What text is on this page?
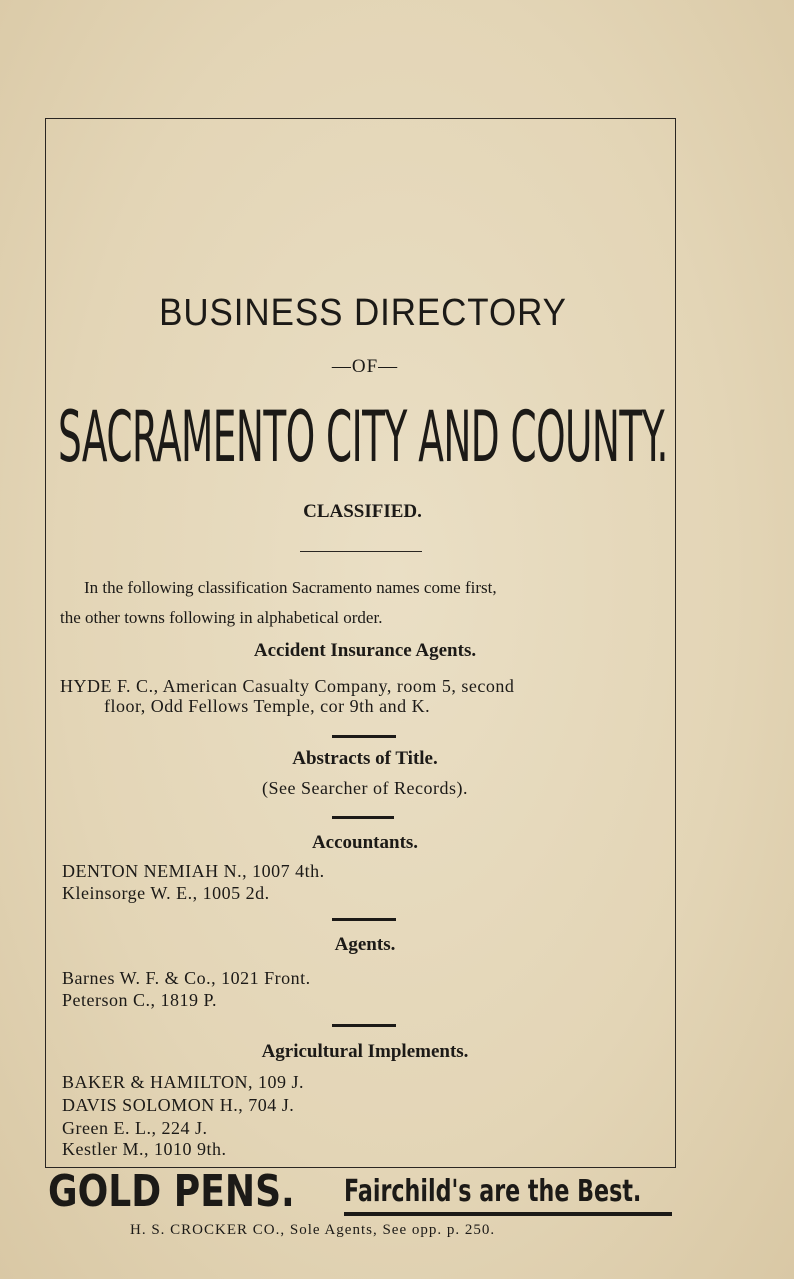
BUSINESS DIRECTORY
—OF—
SACRAMENTO CITY AND COUNTY.
CLASSIFIED.
In the following classification Sacramento names come first,
the other towns following in alphabetical order.
Accident Insurance Agents.
HYDE F. C., American Casualty Company, room 5, second
floor, Odd Fellows Temple, cor 9th and K.
Abstracts of Title.
(See Searcher of Records).
Accountants.
DENTON NEMIAH N., 1007 4th.
Kleinsorge W. E., 1005 2d.
Agents.
Barnes W. F. & Co., 1021 Front.
Peterson C., 1819 P.
Agricultural Implements.
BAKER & HAMILTON, 109 J.
DAVIS SOLOMON H., 704 J.
Green E. L., 224 J.
Kestler M., 1010 9th.
GOLD PENS. Fairchild's are the Best.
H. S. CROCKER CO., Sole Agents, See opp. p. 250.
